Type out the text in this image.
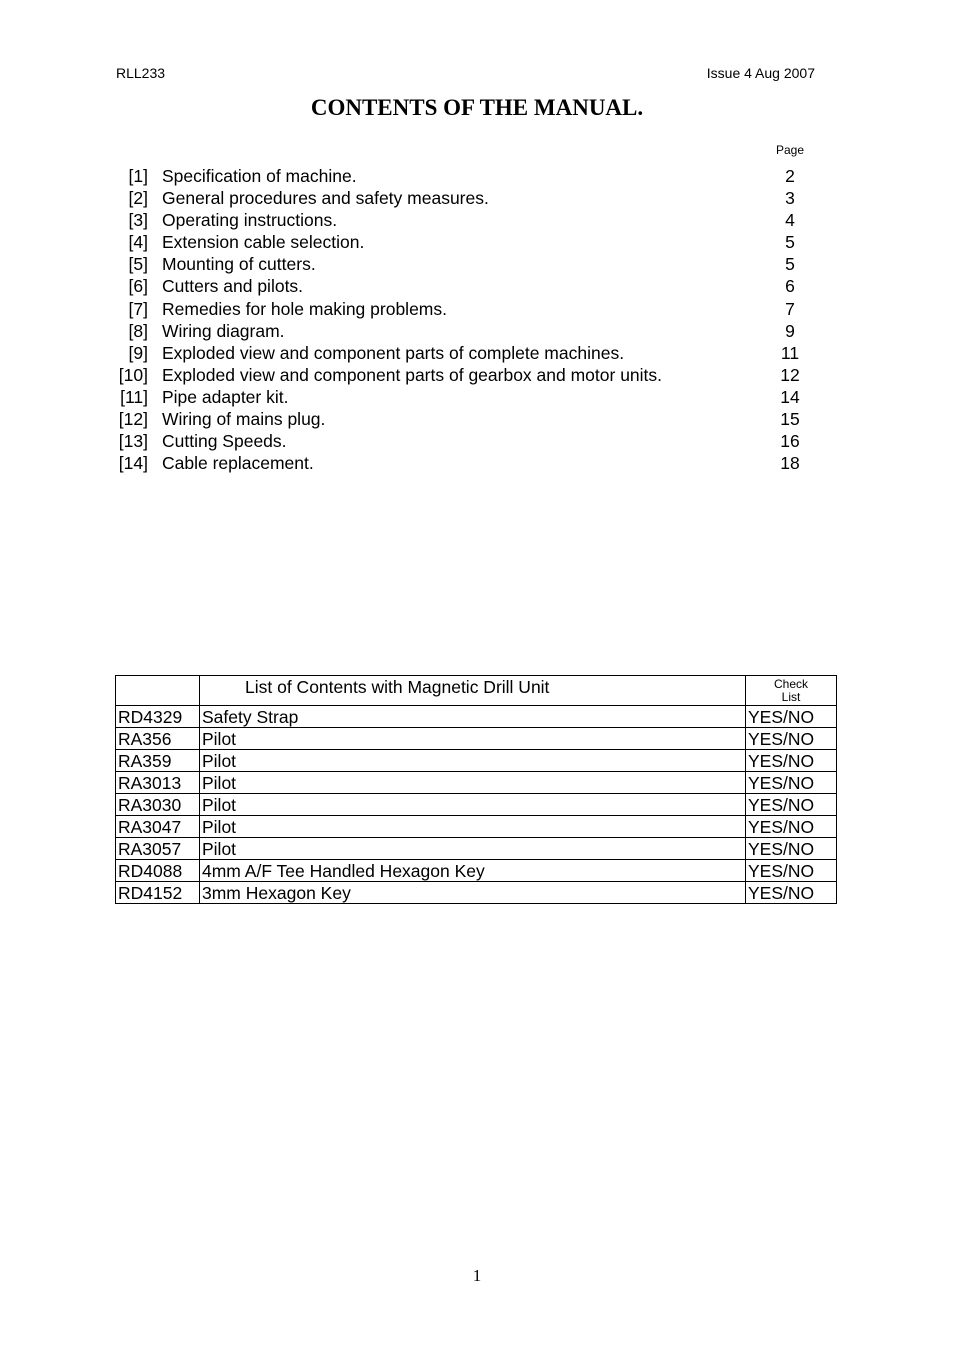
RLL233	Issue 4 Aug 2007
CONTENTS OF THE MANUAL.
Page
[1] Specification of machine.	2
[2] General procedures and safety measures.	3
[3] Operating instructions.	4
[4] Extension cable selection.	5
[5] Mounting of cutters.	5
[6] Cutters and pilots.	6
[7] Remedies for hole making problems.	7
[8] Wiring diagram.	9
[9] Exploded view and component parts of complete machines.	11
[10] Exploded view and component parts of gearbox and motor units.	12
[11] Pipe adapter kit.	14
[12] Wiring of mains plug.	15
[13] Cutting Speeds.	16
[14] Cable replacement.	18
	List of Contents with Magnetic Drill Unit	Check
List
RD4329	Safety Strap	YES/NO
RA356	Pilot	YES/NO
RA359	Pilot	YES/NO
RA3013	Pilot	YES/NO
RA3030	Pilot	YES/NO
RA3047	Pilot	YES/NO
RA3057	Pilot	YES/NO
RD4088	4mm A/F Tee Handled Hexagon Key	YES/NO
RD4152	3mm Hexagon Key	YES/NO
1
